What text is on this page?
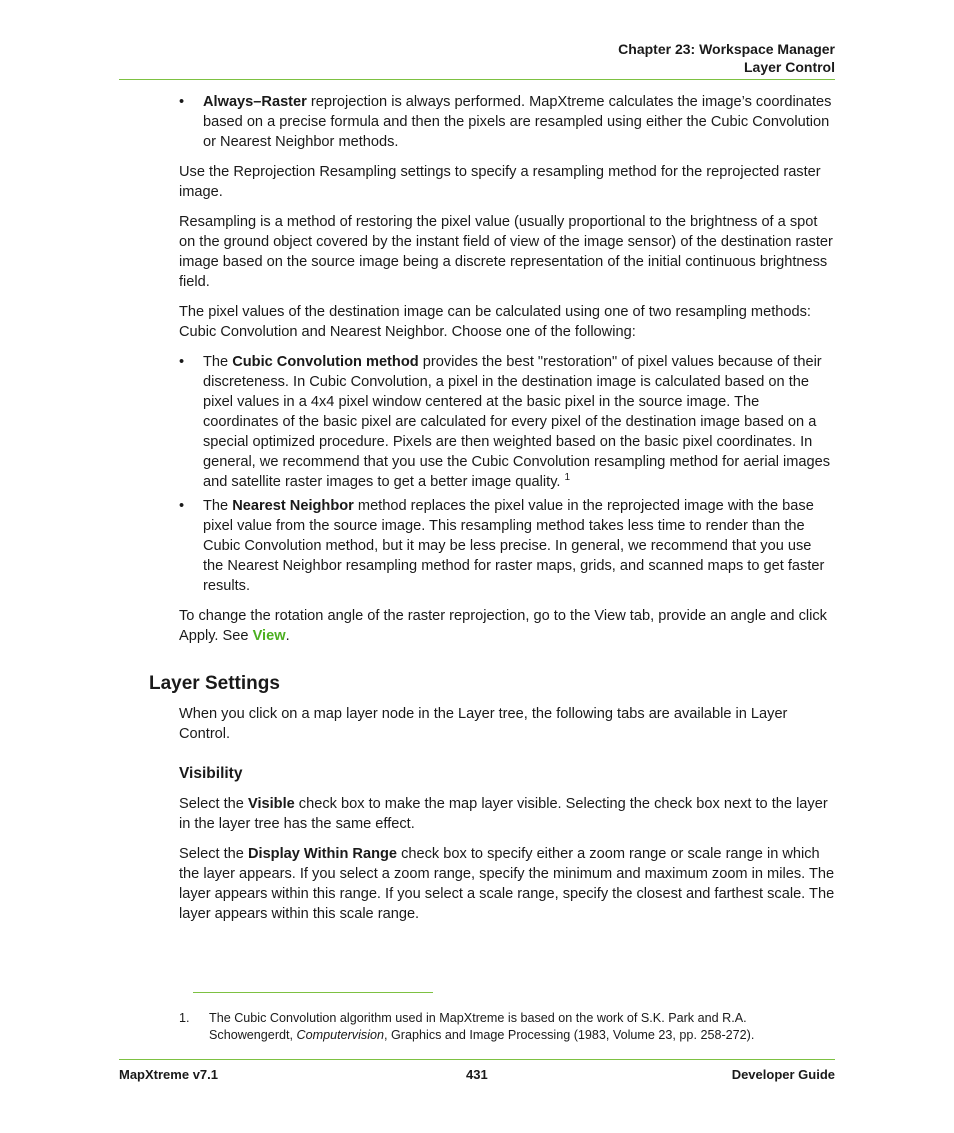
Chapter 23: Workspace Manager
Layer Control
• Always–Raster reprojection is always performed. MapXtreme calculates the image’s coordinates based on a precise formula and then the pixels are resampled using either the Cubic Convolution or Nearest Neighbor methods.

Use the Reprojection Resampling settings to specify a resampling method for the reprojected raster image.

Resampling is a method of restoring the pixel value (usually proportional to the brightness of a spot on the ground object covered by the instant field of view of the image sensor) of the destination raster image based on the source image being a discrete representation of the initial continuous brightness field.

The pixel values of the destination image can be calculated using one of two resampling methods: Cubic Convolution and Nearest Neighbor. Choose one of the following:

• The Cubic Convolution method provides the best "restoration" of pixel values because of their discreteness. In Cubic Convolution, a pixel in the destination image is calculated based on the pixel values in a 4x4 pixel window centered at the basic pixel in the source image. The coordinates of the basic pixel are calculated for every pixel of the destination image based on a special optimized procedure. Pixels are then weighted based on the basic pixel coordinates. In general, we recommend that you use the Cubic Convolution resampling method for aerial images and satellite raster images to get a better image quality. $^1$
• The Nearest Neighbor method replaces the pixel value in the reprojected image with the base pixel value from the source image. This resampling method takes less time to render than the Cubic Convolution method, but it may be less precise. In general, we recommend that you use the Nearest Neighbor resampling method for raster maps, grids, and scanned maps to get faster results.

To change the rotation angle of the raster reprojection, go to the View tab, provide an angle and click Apply. See View.

Layer Settings

When you click on a map layer node in the Layer tree, the following tabs are available in Layer Control.

Visibility

Select the Visible check box to make the map layer visible. Selecting the check box next to the layer in the layer tree has the same effect.

Select the Display Within Range check box to specify either a zoom range or scale range in which the layer appears. If you select a zoom range, specify the minimum and maximum zoom in miles. The layer appears within this range. If you select a scale range, specify the closest and farthest scale. The layer appears within this scale range.

1. The Cubic Convolution algorithm used in MapXtreme is based on the work of S.K. Park and R.A. Schowengerdt, Computervision, Graphics and Image Processing (1983, Volume 23, pp. 258-272).
MapXtreme v7.1	431	Developer Guide
